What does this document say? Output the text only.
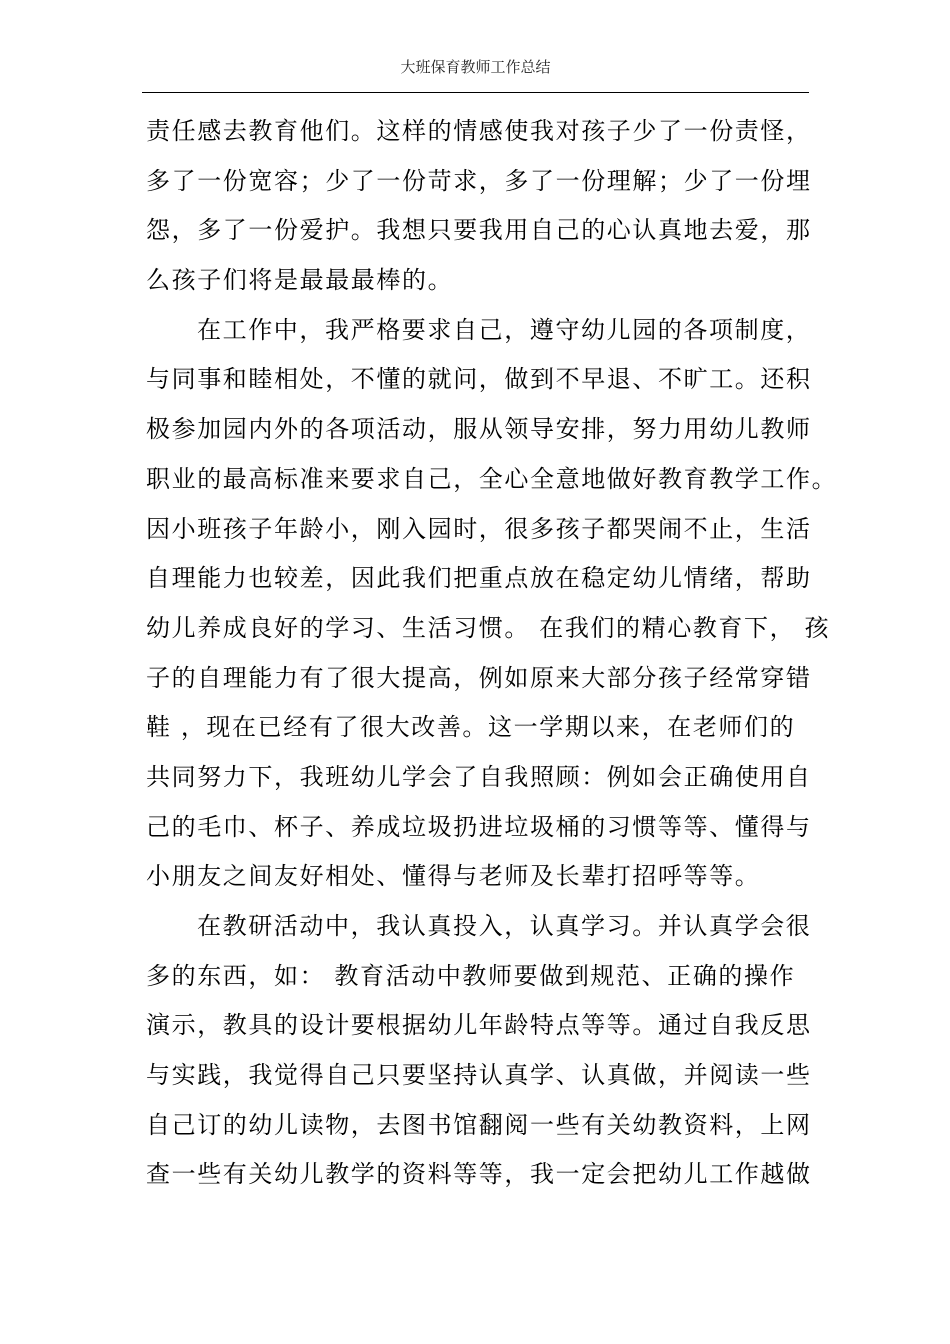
大班保育教师工作总结
责任感去教育他们。这样的情感使我对孩子少了一份责怪，
多了一份宽容；少了一份苛求，多了一份理解；少了一份埋
怨，多了一份爱护。我想只要我用自己的心认真地去爱，那
么孩子们将是最最最棒的。
在工作中，我严格要求自己，遵守幼儿园的各项制度，
与同事和睦相处，不懂的就问，做到不早退、不旷工。还积
极参加园内外的各项活动，服从领导安排，努力用幼儿教师
职业的最高标准来要求自己，全心全意地做好教育教学工作。
因小班孩子年龄小，刚入园时，很多孩子都哭闹不止，生活
自理能力也较差，因此我们把重点放在稳定幼儿情绪，帮助
幼儿养成良好的学习、生活习惯。 在我们的精心教育下， 孩
子的自理能力有了很大提高，例如原来大部分孩子经常穿错
鞋 ，现在已经有了很大改善。这一学期以来，在老师们的
共同努力下，我班幼儿学会了自我照顾：例如会正确使用自
己的毛巾、杯子、养成垃圾扔进垃圾桶的习惯等等、懂得与
小朋友之间友好相处、懂得与老师及长辈打招呼等等。
在教研活动中，我认真投入，认真学习。并认真学会很
多的东西，如： 教育活动中教师要做到规范、正确的操作
演示，教具的设计要根据幼儿年龄特点等等。通过自我反思
与实践，我觉得自己只要坚持认真学、认真做，并阅读一些
自己订的幼儿读物，去图书馆翻阅一些有关幼教资料，上网
查一些有关幼儿教学的资料等等，我一定会把幼儿工作越做
